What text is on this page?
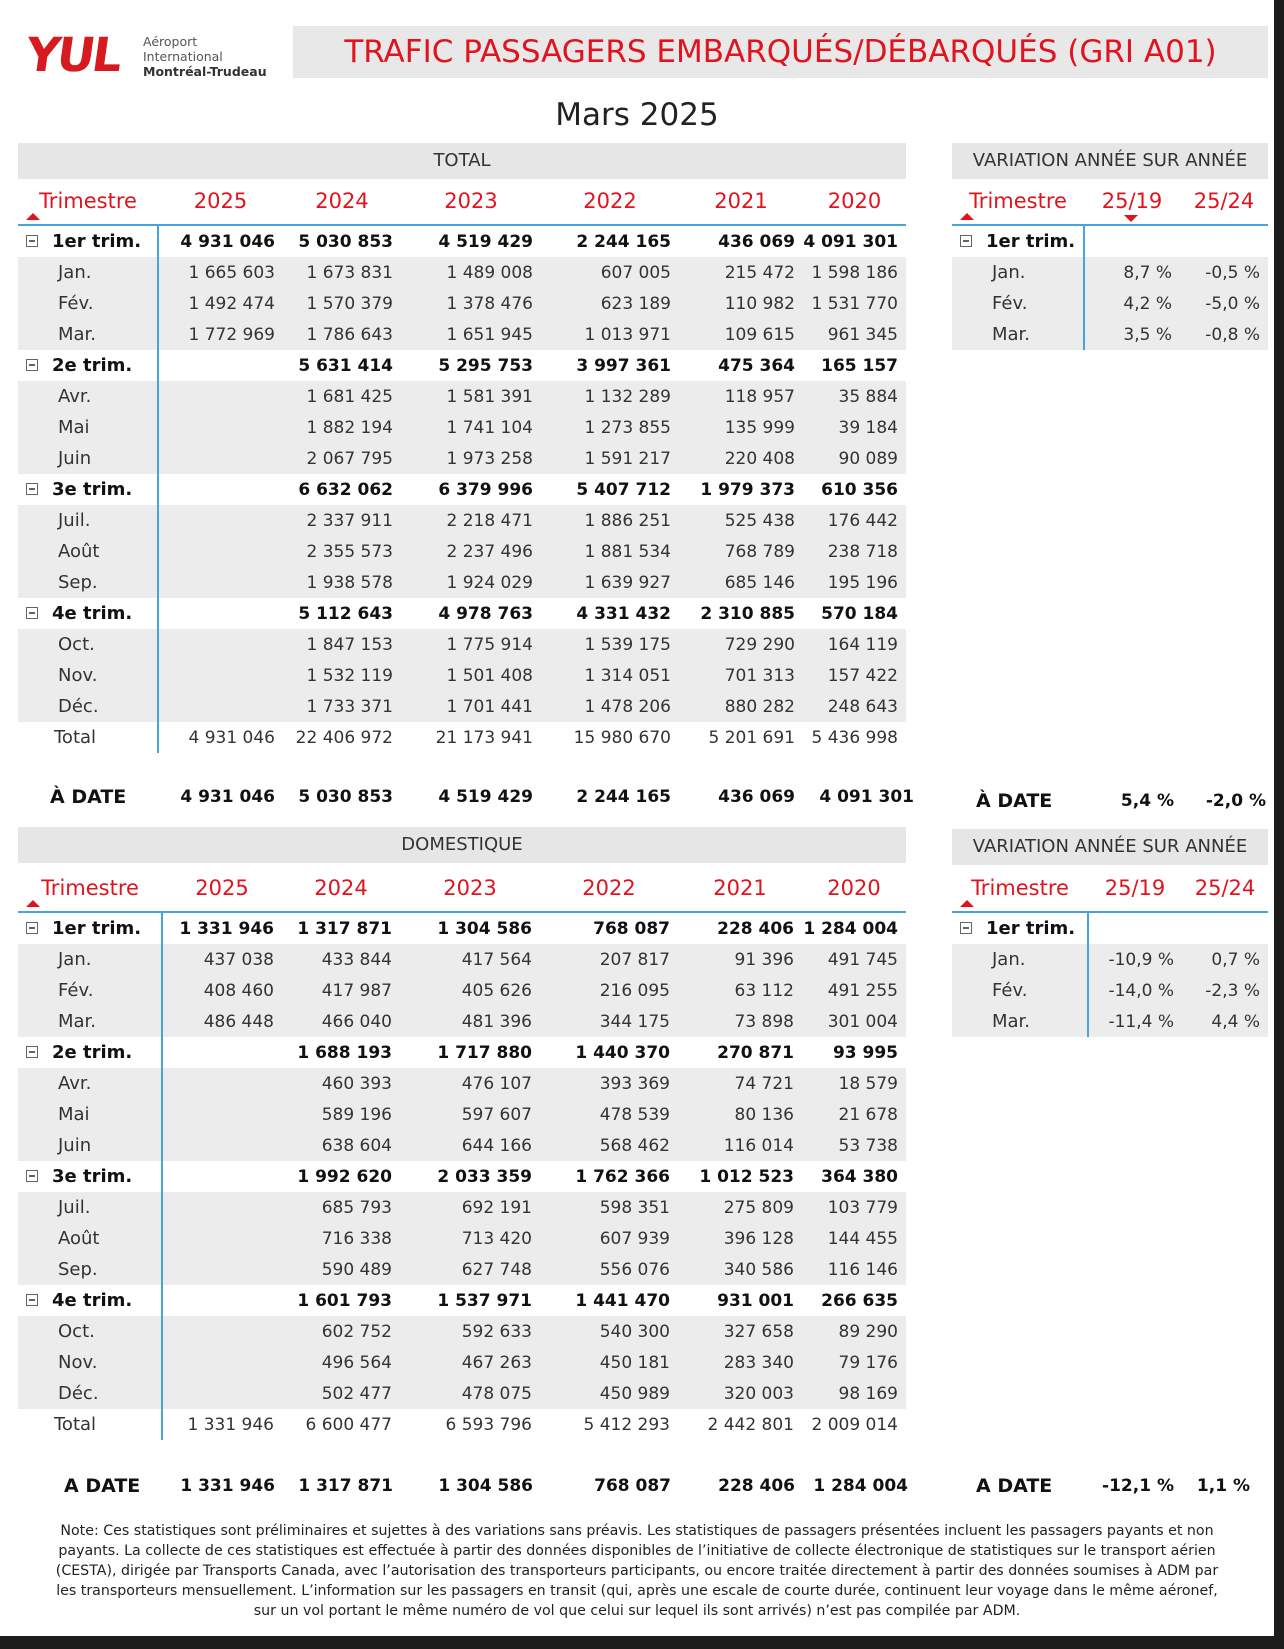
YUL Aéroport
International
Montréal-Trudeau
TRAFIC PASSAGERS EMBARQUÉS/DÉBARQUÉS (GRI A01)
Mars 2025
TOTAL	VARIATION ANNÉE SUR ANNÉE
Trimestre	2025	2024	2023	2022	2021	2020
1er trim.	4 931 046	5 030 853	4 519 429	2 244 165	436 069	4 091 301
Jan.	1 665 603	1 673 831	1 489 008	607 005	215 472	1 598 186
Fév.	1 492 474	1 570 379	1 378 476	623 189	110 982	1 531 770
Mar.	1 772 969	1 786 643	1 651 945	1 013 971	109 615	961 345
2e trim.		5 631 414	5 295 753	3 997 361	475 364	165 157
Avr.		1 681 425	1 581 391	1 132 289	118 957	35 884
Mai		1 882 194	1 741 104	1 273 855	135 999	39 184
Juin		2 067 795	1 973 258	1 591 217	220 408	90 089
3e trim.		6 632 062	6 379 996	5 407 712	1 979 373	610 356
Juil.		2 337 911	2 218 471	1 886 251	525 438	176 442
Août		2 355 573	2 237 496	1 881 534	768 789	238 718
Sep.		1 938 578	1 924 029	1 639 927	685 146	195 196
4e trim.		5 112 643	4 978 763	4 331 432	2 310 885	570 184
Oct.		1 847 153	1 775 914	1 539 175	729 290	164 119
Nov.		1 532 119	1 501 408	1 314 051	701 313	157 422
Déc.		1 733 371	1 701 441	1 478 206	880 282	248 643
Total	4 931 046	22 406 972	21 173 941	15 980 670	5 201 691	5 436 998
Trimestre	25/19	25/24
1er trim.		
Jan.	8,7 %	-0,5 %
Fév.	4,2 %	-5,0 %
Mar.	3,5 %	-0,8 %
À DATE	4 931 046	5 030 853	4 519 429	2 244 165	436 069	4 091 301	À DATE	5,4 %	-2,0 %
DOMESTIQUE	VARIATION ANNÉE SUR ANNÉE
Trimestre	2025	2024	2023	2022	2021	2020
1er trim.	1 331 946	1 317 871	1 304 586	768 087	228 406	1 284 004
Jan.	437 038	433 844	417 564	207 817	91 396	491 745
Fév.	408 460	417 987	405 626	216 095	63 112	491 255
Mar.	486 448	466 040	481 396	344 175	73 898	301 004
2e trim.		1 688 193	1 717 880	1 440 370	270 871	93 995
Avr.		460 393	476 107	393 369	74 721	18 579
Mai		589 196	597 607	478 539	80 136	21 678
Juin		638 604	644 166	568 462	116 014	53 738
3e trim.		1 992 620	2 033 359	1 762 366	1 012 523	364 380
Juil.		685 793	692 191	598 351	275 809	103 779
Août		716 338	713 420	607 939	396 128	144 455
Sep.		590 489	627 748	556 076	340 586	116 146
4e trim.		1 601 793	1 537 971	1 441 470	931 001	266 635
Oct.		602 752	592 633	540 300	327 658	89 290
Nov.		496 564	467 263	450 181	283 340	79 176
Déc.		502 477	478 075	450 989	320 003	98 169
Total	1 331 946	6 600 477	6 593 796	5 412 293	2 442 801	2 009 014
Trimestre	25/19	25/24
1er trim.		
Jan.	-10,9 %	0,7 %
Fév.	-14,0 %	-2,3 %
Mar.	-11,4 %	4,4 %
A DATE	1 331 946	1 317 871	1 304 586	768 087	228 406	1 284 004	A DATE	-12,1 %	1,1 %
Note: Ces statistiques sont préliminaires et sujettes à des variations sans préavis. Les statistiques de passagers présentées incluent les passagers payants et non payants. La collecte de ces statistiques est effectuée à partir des données disponibles de l’initiative de collecte électronique de statistiques sur le transport aérien (CESTA), dirigée par Transports Canada, avec l’autorisation des transporteurs participants, ou encore traitée directement à partir des données soumises à ADM par les transporteurs mensuellement. L’information sur les passagers en transit (qui, après une escale de courte durée, continuent leur voyage dans le même aéronef, sur un vol portant le même numéro de vol que celui sur lequel ils sont arrivés) n’est pas compilée par ADM.
